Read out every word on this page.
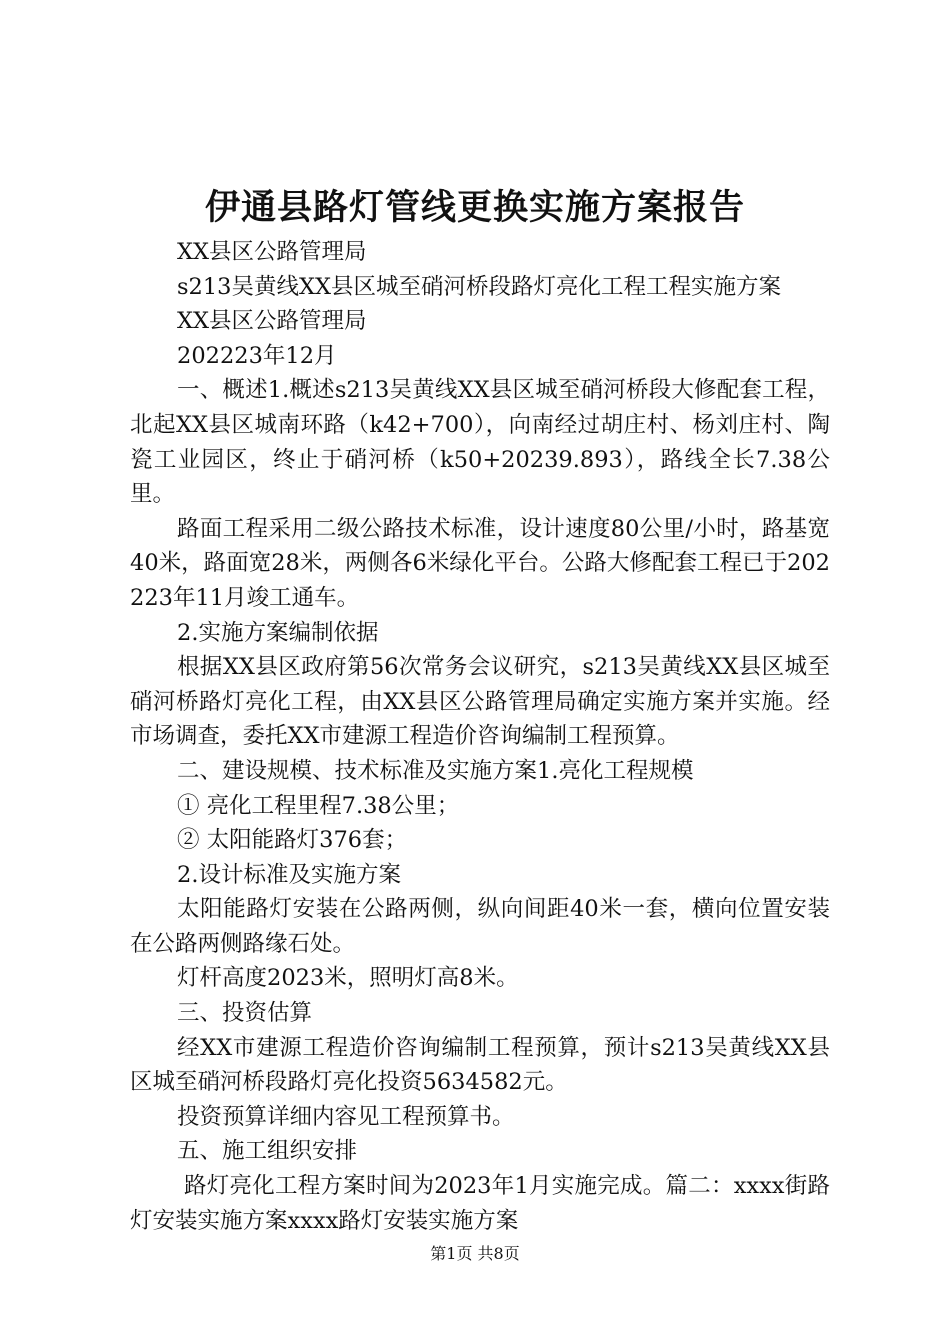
伊通县路灯管线更换实施方案报告

XX县区公路管理局

s213吴黄线XX县区城至硝河桥段路灯亮化工程工程实施方案

XX县区公路管理局

202223年12月

一、概述1.概述s213吴黄线XX县区城至硝河桥段大修配套工程，北起XX县区城南环路（k42+700），向南经过胡庄村、杨刘庄村、陶瓷工业园区，终止于硝河桥（k50+20239.893），路线全长7.38公里。

路面工程采用二级公路技术标准，设计速度80公里/小时，路基宽40米，路面宽28米，两侧各6米绿化平台。公路大修配套工程已于202223年11月竣工通车。

2.实施方案编制依据

根据XX县区政府第56次常务会议研究，s213吴黄线XX县区城至硝河桥路灯亮化工程，由XX县区公路管理局确定实施方案并实施。经市场调查，委托XX市建源工程造价咨询编制工程预算。

二、建设规模、技术标准及实施方案1.亮化工程规模

① 亮化工程里程7.38公里；

② 太阳能路灯376套；

2.设计标准及实施方案

太阳能路灯安装在公路两侧，纵向间距40米一套，横向位置安装在公路两侧路缘石处。

灯杆高度2023米，照明灯高8米。

三、投资估算

经XX市建源工程造价咨询编制工程预算，预计s213吴黄线XX县区城至硝河桥段路灯亮化投资5634582元。

投资预算详细内容见工程预算书。

五、施工组织安排

路灯亮化工程方案时间为2023年1月实施完成。篇二：xxxx街路灯安装实施方案xxxx路灯安装实施方案

第1页 共8页
